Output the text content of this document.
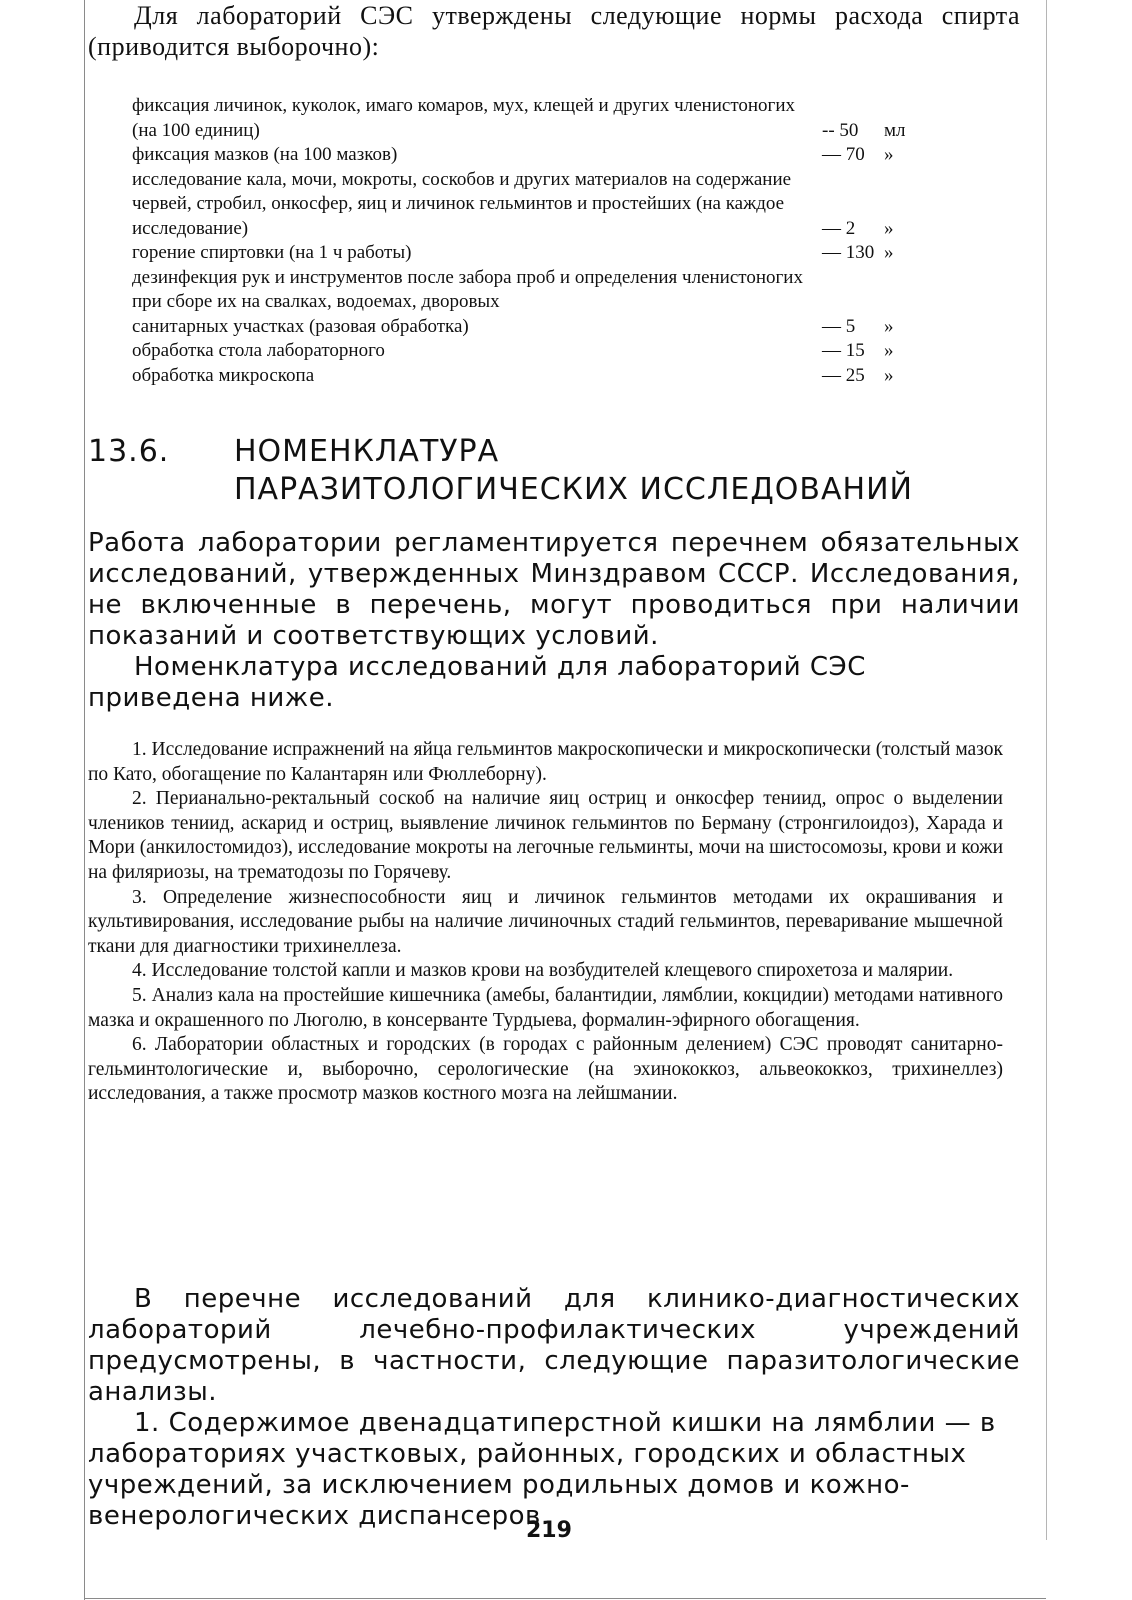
Для лабораторий СЭС утверждены следующие нормы расхода спирта (приводится выборочно):

фиксация личинок, куколок, имаго комаров, мух, клещей и других членистоногих (на 100 единиц)	-- 50	мл
фиксация мазков (на 100 мазков)	— 70	»
исследование кала, мочи, мокроты, соскобов и других материалов на содержание червей, стробил, онкосфер, яиц и личинок гельминтов и простейших (на каждое исследование)	— 2	»
горение спиртовки (на 1 ч работы)	— 130 »
дезинфекция рук и инструментов после забора проб и определения членистоногих при сборе их на свалках, водоемах, дворовых
санитарных участках (разовая обработка)	— 5	»
обработка стола лабораторного	— 15	»
обработка микроскопа	— 25	»
13.6. НОМЕНКЛАТУРА
ПАРАЗИТОЛОГИЧЕСКИХ ИССЛЕДОВАНИЙ

Работа лаборатории регламентируется перечнем обязательных исследований, утвержденных Минздравом СССР. Исследования, не включенные в перечень, могут проводиться при наличии показаний и соответствующих условий.

Номенклатура исследований для лабораторий СЭС приведена ниже.

1. Исследование испражнений на яйца гельминтов макроскопически и микроскопически (толстый мазок по Като, обогащение по Калантарян или Фюллеборну).

2. Перианально-ректальный соскоб на наличие яиц остриц и онкосфер тениид, опрос о выделении члеников тениид, аскарид и остриц, выявление личинок гельминтов по Берману (стронгилоидоз), Харада и Мори (анкилостомидоз), исследование мокроты на легочные гельминты, мочи на шистосомозы, крови и кожи на филяриозы, на трематодозы по Горячеву.

3. Определение жизнеспособности яиц и личинок гельминтов методами их окрашивания и культивирования, исследование рыбы на наличие личиночных стадий гельминтов, переваривание мышечной ткани для диагностики трихинеллеза.

4. Исследование толстой капли и мазков крови на возбудителей клещевого спирохетоза и малярии.

5. Анализ кала на простейшие кишечника (амебы, балантидии, лямблии, кокцидии) методами нативного мазка и окрашенного по Люголю, в консерванте Турдыева, формалин-эфирного обогащения.

6. Лаборатории областных и городских (в городах с районным делением) СЭС проводят санитарно-гельминтологические и, выборочно, серологические (на эхинококкоз, альвеококкоз, трихинеллез) исследования, а также просмотр мазков костного мозга на лейшмании.

В перечне исследований для клинико-диагностических лабораторий лечебно-профилактических учреждений предусмотрены, в частности, следующие паразитологические анализы.

1. Содержимое двенадцатиперстной кишки на лямблии — в лабораториях участковых, районных, городских и областных учреждений, за исключением родильных домов и кожно-венерологических диспансеров.

219
